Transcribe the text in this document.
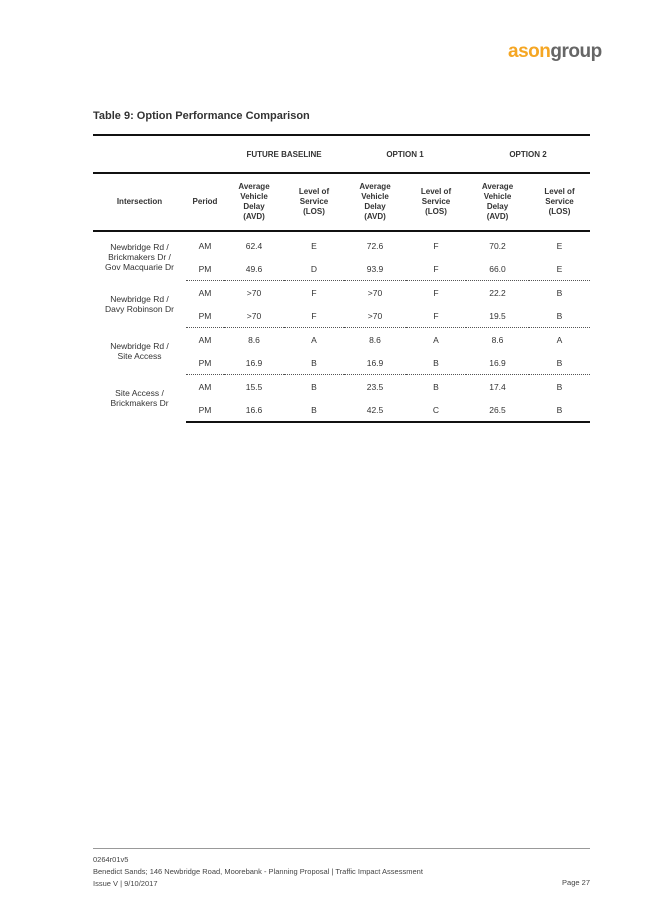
asongroup
Table 9: Option Performance Comparison
		FUTURE BASELINE		OPTION 1		OPTION 2	
Intersection	Period	Average
Vehicle
Delay
(AVD)	Level of
Service
(LOS)	Average
Vehicle
Delay
(AVD)	Level of
Service
(LOS)	Average
Vehicle
Delay
(AVD)	Level of
Service
(LOS)
Newbridge Rd /
Brickmakers Dr /
Gov Macquarie Dr	AM	62.4	E	72.6	F	70.2	E
	PM	49.6	D	93.9	F	66.0	E
Newbridge Rd /
Davy Robinson Dr	AM	>70	F	>70	F	22.2	B
	PM	>70	F	>70	F	19.5	B
Newbridge Rd /
Site Access	AM	8.6	A	8.6	A	8.6	A
	PM	16.9	B	16.9	B	16.9	B
Site Access /
Brickmakers Dr	AM	15.5	B	23.5	B	17.4	B
	PM	16.6	B	42.5	C	26.5	B
0264r01v5
Benedict Sands; 146 Newbridge Road, Moorebank - Planning Proposal | Traffic Impact Assessment
Issue V | 9/10/2017	Page 27
